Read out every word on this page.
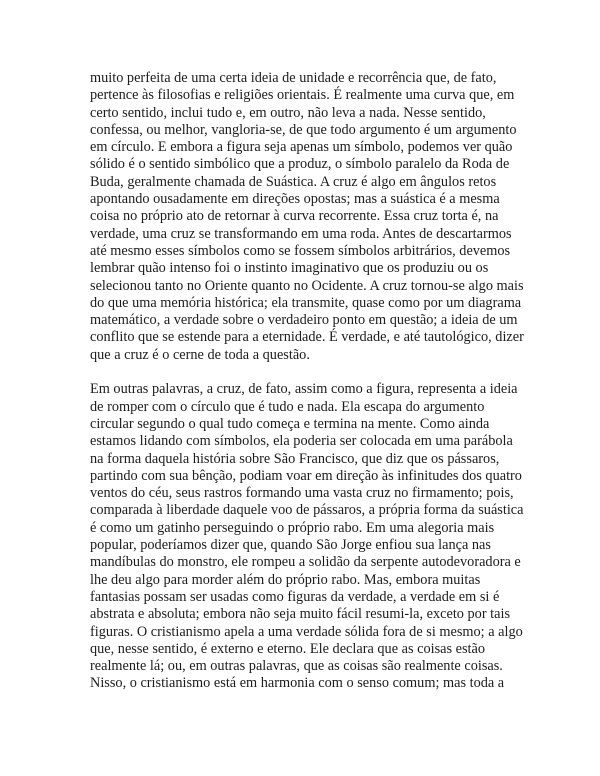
muito perfeita de uma certa ideia de unidade e recorrência que, de fato,
pertence às filosofias e religiões orientais. É realmente uma curva que, em
certo sentido, inclui tudo e, em outro, não leva a nada. Nesse sentido,
confessa, ou melhor, vangloria-se, de que todo argumento é um argumento
em círculo. E embora a figura seja apenas um símbolo, podemos ver quão
sólido é o sentido simbólico que a produz, o símbolo paralelo da Roda de
Buda, geralmente chamada de Suástica. A cruz é algo em ângulos retos
apontando ousadamente em direções opostas; mas a suástica é a mesma
coisa no próprio ato de retornar à curva recorrente. Essa cruz torta é, na
verdade, uma cruz se transformando em uma roda. Antes de descartarmos
até mesmo esses símbolos como se fossem símbolos arbitrários, devemos
lembrar quão intenso foi o instinto imaginativo que os produziu ou os
selecionou tanto no Oriente quanto no Ocidente. A cruz tornou-se algo mais
do que uma memória histórica; ela transmite, quase como por um diagrama
matemático, a verdade sobre o verdadeiro ponto em questão; a ideia de um
conflito que se estende para a eternidade. É verdade, e até tautológico, dizer
que a cruz é o cerne de toda a questão.
Em outras palavras, a cruz, de fato, assim como a figura, representa a ideia
de romper com o círculo que é tudo e nada. Ela escapa do argumento
circular segundo o qual tudo começa e termina na mente. Como ainda
estamos lidando com símbolos, ela poderia ser colocada em uma parábola
na forma daquela história sobre São Francisco, que diz que os pássaros,
partindo com sua bênção, podiam voar em direção às infinitudes dos quatro
ventos do céu, seus rastros formando uma vasta cruz no firmamento; pois,
comparada à liberdade daquele voo de pássaros, a própria forma da suástica
é como um gatinho perseguindo o próprio rabo. Em uma alegoria mais
popular, poderíamos dizer que, quando São Jorge enfiou sua lança nas
mandíbulas do monstro, ele rompeu a solidão da serpente autodevoradora e
lhe deu algo para morder além do próprio rabo. Mas, embora muitas
fantasias possam ser usadas como figuras da verdade, a verdade em si é
abstrata e absoluta; embora não seja muito fácil resumi-la, exceto por tais
figuras. O cristianismo apela a uma verdade sólida fora de si mesmo; a algo
que, nesse sentido, é externo e eterno. Ele declara que as coisas estão
realmente lá; ou, em outras palavras, que as coisas são realmente coisas.
Nisso, o cristianismo está em harmonia com o senso comum; mas toda a
